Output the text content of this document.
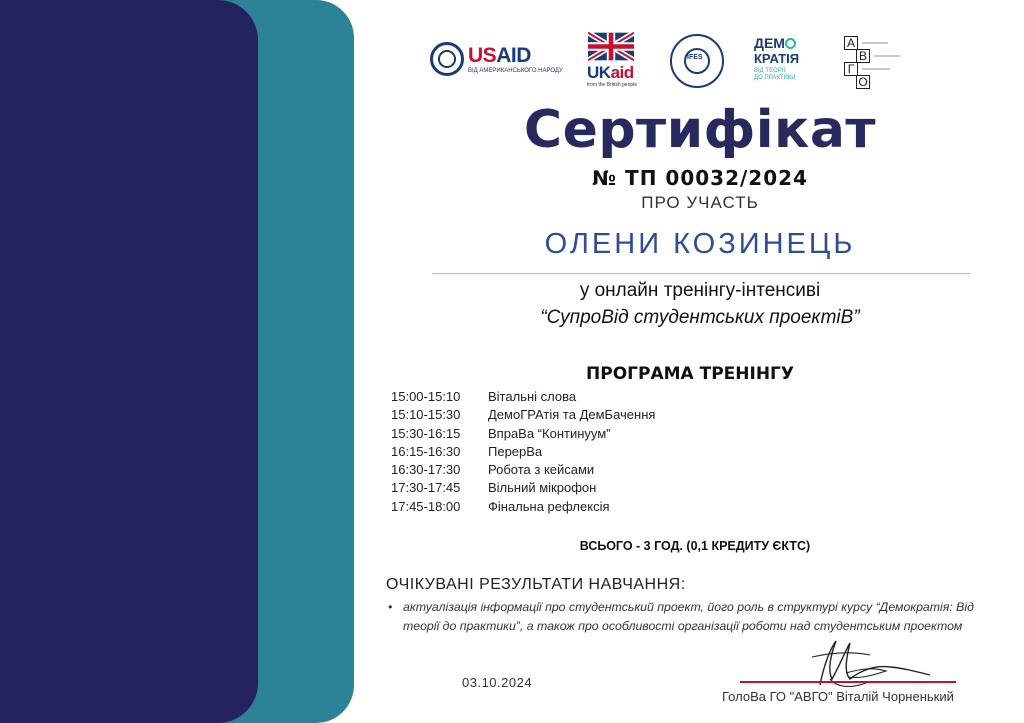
USAID
ВІД АМЕРИКАНСЬКОГО НАРОДУ UKaid
from the British people
IFES
ДЕМ
КРАТІЯ
ВІД ТЕОРІЇ
ДО ПРАКТИКИ
А
В
Г
О
Сертифікат
№ ТП 00032/2024
ПРО УЧАСТЬ
ОЛЕНИ КОЗИНЕЦЬ
у онлайн тренінгу-інтенсиві
“СупроВід студентських проектіВ”
ПРОГРАМА ТРЕНІНГУ
15:00-15:10 Вітальні слова
15:10-15:30 ДемоГРАтія та ДемБачення
15:30-16:15 ВпраВа “Континуум”
16:15-16:30 ПерерВа
16:30-17:30 Робота з кейсами
17:30-17:45 Вільний мікрофон
17:45-18:00 Фінальна рефлексія
ВСЬОГО - 3 ГОД. (0,1 КРЕДИТУ ЄКТС)
ОЧІКУВАНІ РЕЗУЛЬТАТИ НАВЧАННЯ:
• актуалізація інформації про студентський проект, його роль в структурі курсу “Демократія: Від теорії до практики”, а також про особливості організації роботи над студентським проектом
03.10.2024
ГолоВа ГО "АВГО" Віталій Чорненький
